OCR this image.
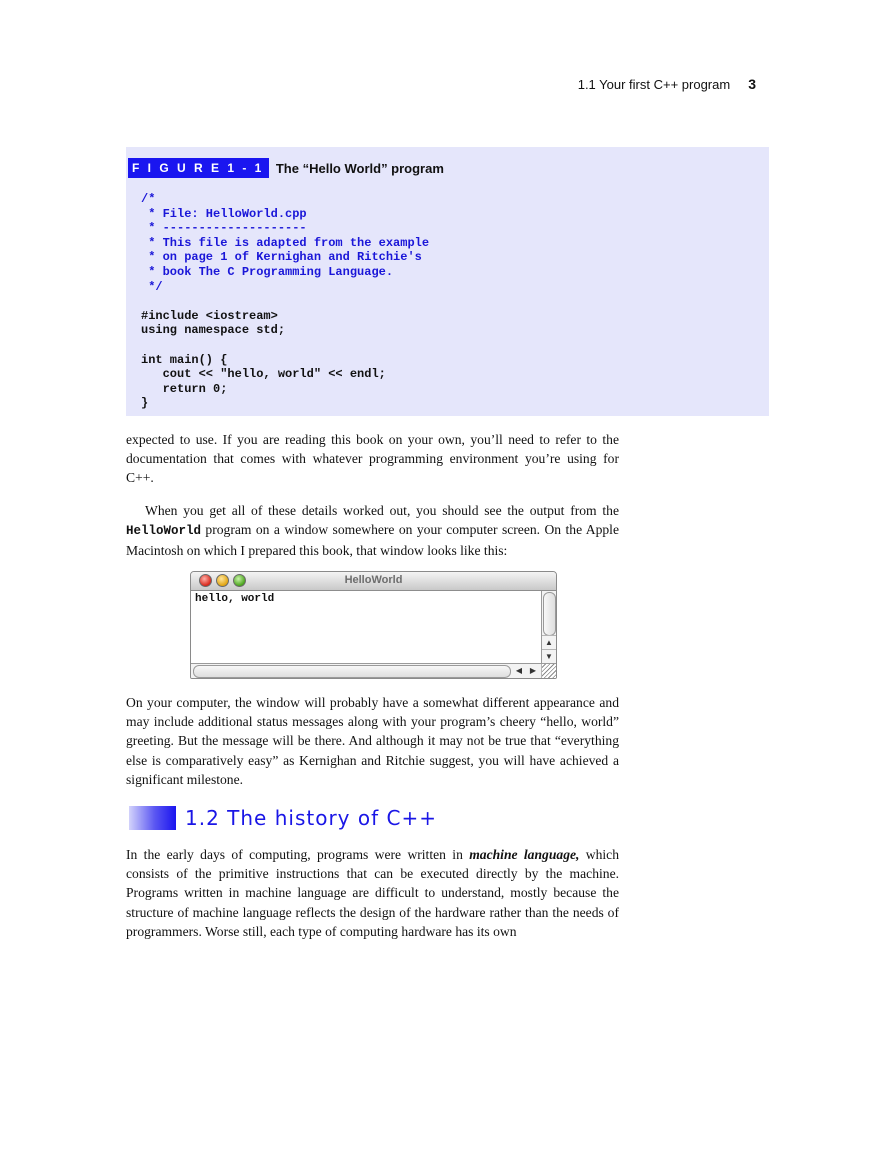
1.1 Your first C++ program 3
F I G U R E 1 - 1 The “Hello World” program
/*
* File: HelloWorld.cpp
* --------------------
* This file is adapted from the example
* on page 1 of Kernighan and Ritchie's
* book The C Programming Language.
*/

#include <iostream>
using namespace std;

int main() {
cout << "hello, world" << endl;
return 0;
}

expected to use. If you are reading this book on your own, you’ll need to refer to the documentation that comes with whatever programming environment you’re using for C++.

When you get all of these details worked out, you should see the output from the HelloWorld program on a window somewhere on your computer screen. On the Apple Macintosh on which I prepared this book, that window looks like this:

HelloWorld
hello, world
▲
▼
◀ ▶

On your computer, the window will probably have a somewhat different appearance and may include additional status messages along with your program’s cheery “hello, world” greeting. But the message will be there. And although it may not be true that “everything else is comparatively easy” as Kernighan and Ritchie suggest, you will have achieved a significant milestone.

1.2 The history of C++

In the early days of computing, programs were written in machine language, which consists of the primitive instructions that can be executed directly by the machine. Programs written in machine language are difficult to understand, mostly because the structure of machine language reflects the design of the hardware rather than the needs of programmers. Worse still, each type of computing hardware has its own
